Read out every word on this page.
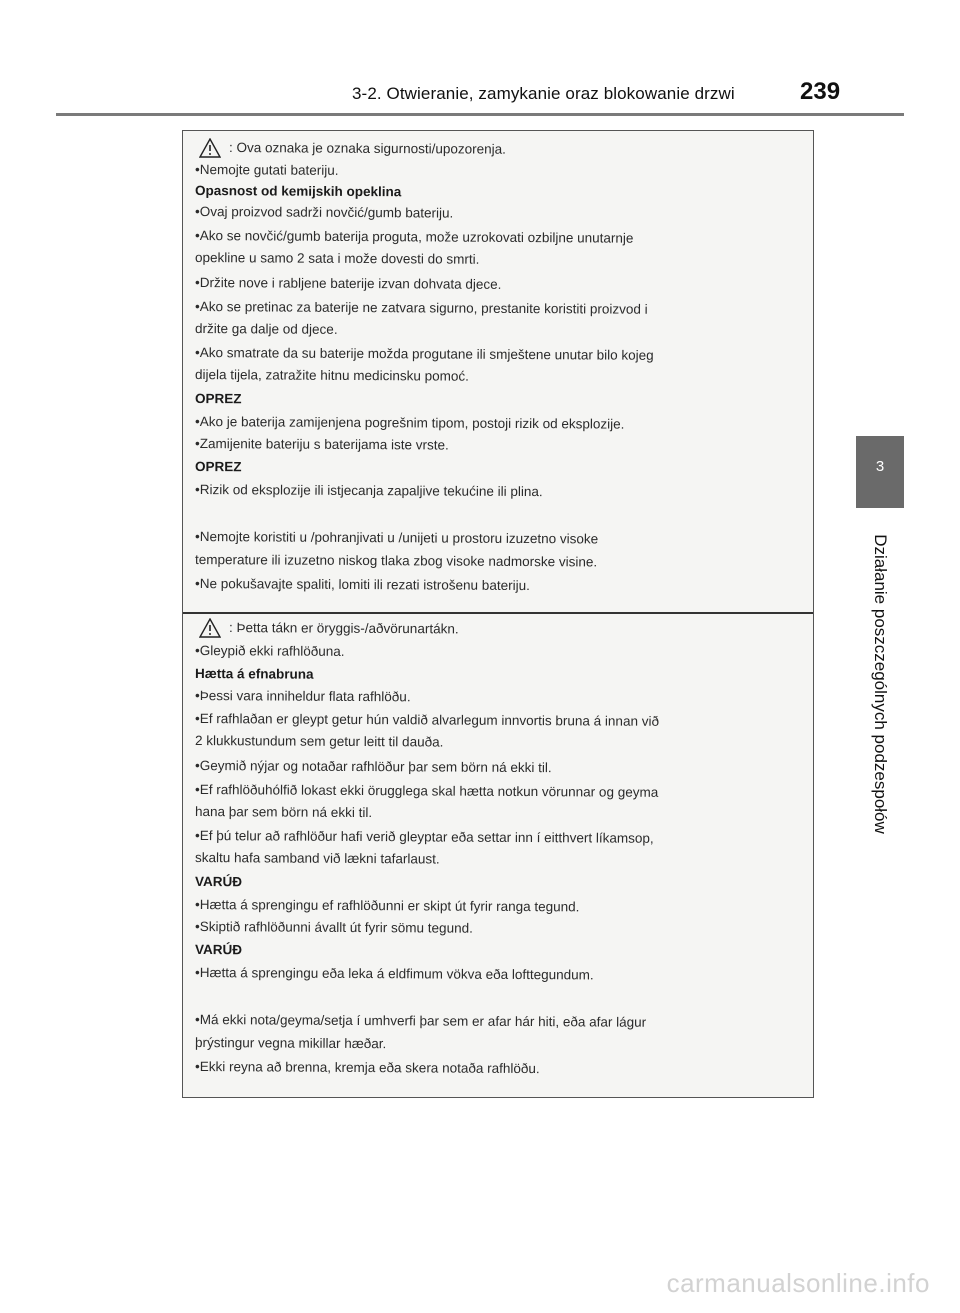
3-2. Otwieranie, zamykanie oraz blokowanie drzwi	239
3
Działanie poszczególnych podzespołów
: Ova oznaka je oznaka sigurnosti/upozorenja.
•Nemojte gutati bateriju.
Opasnost od kemijskih opeklina
•Ovaj proizvod sadrži novčić/gumb bateriju.
•Ako se novčić/gumb baterija proguta, može uzrokovati ozbiljne unutarnje
opekline u samo 2 sata i može dovesti do smrti.
•Držite nove i rabljene baterije izvan dohvata djece.
•Ako se pretinac za baterije ne zatvara sigurno, prestanite koristiti proizvod i
držite ga dalje od djece.
•Ako smatrate da su baterije možda progutane ili smještene unutar bilo kojeg
dijela tijela, zatražite hitnu medicinsku pomoć.
OPREZ
•Ako je baterija zamijenjena pogrešnim tipom, postoji rizik od eksplozije.
•Zamijenite bateriju s baterijama iste vrste.
OPREZ
•Rizik od eksplozije ili istjecanja zapaljive tekućine ili plina.
•Nemojte koristiti u /pohranjivati u /unijeti u prostoru izuzetno visoke
temperature ili izuzetno niskog tlaka zbog visoke nadmorske visine.
•Ne pokušavajte spaliti, lomiti ili rezati istrošenu bateriju.
: Þetta tákn er öryggis-/aðvörunartákn.
•Gleypið ekki rafhlöðuna.
Hætta á efnabruna
•Þessi vara inniheldur flata rafhlöðu.
•Ef rafhlaðan er gleypt getur hún valdið alvarlegum innvortis bruna á innan við
2 klukkustundum sem getur leitt til dauða.
•Geymið nýjar og notaðar rafhlöður þar sem börn ná ekki til.
•Ef rafhlöðuhólfið lokast ekki örugglega skal hætta notkun vörunnar og geyma
hana þar sem börn ná ekki til.
•Ef þú telur að rafhlöður hafi verið gleyptar eða settar inn í eitthvert líkamsop,
skaltu hafa samband við lækni tafarlaust.
VARÚÐ
•Hætta á sprengingu ef rafhlöðunni er skipt út fyrir ranga tegund.
•Skiptið rafhlöðunni ávallt út fyrir sömu tegund.
VARÚÐ
•Hætta á sprengingu eða leka á eldfimum vökva eða lofttegundum.
•Má ekki nota/geyma/setja í umhverfi þar sem er afar hár hiti, eða afar lágur
þrýstingur vegna mikillar hæðar.
•Ekki reyna að brenna, kremja eða skera notaða rafhlöðu.
carmanualsonline.info
